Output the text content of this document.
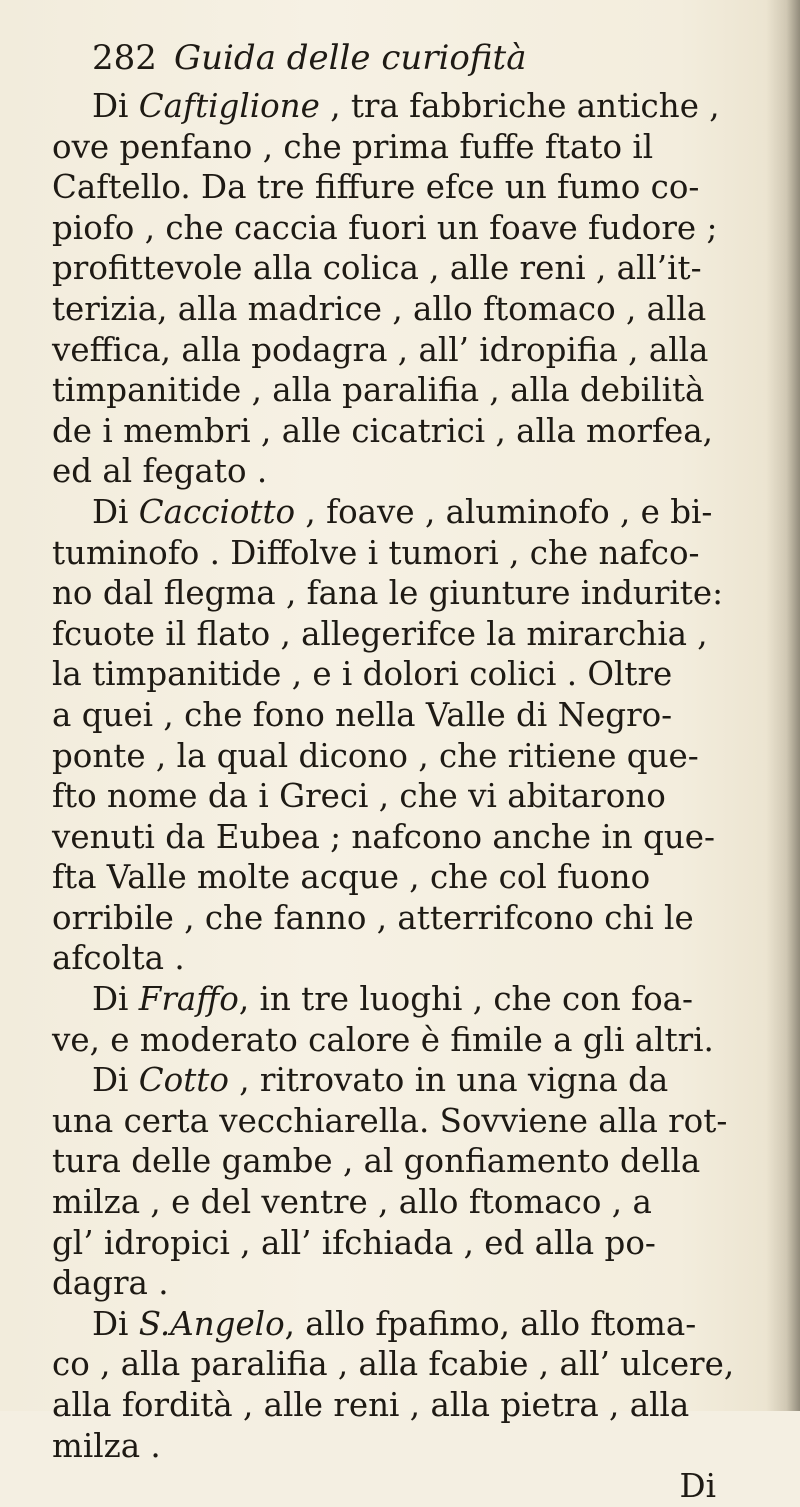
282 Guida delle curiofità
Di Caftiglione , tra fabbriche antiche ,
ove penfano , che prima fuffe ftato il
Caftello. Da tre fiffure efce un fumo co-
piofo , che caccia fuori un foave fudore ;
profittevole alla colica , alle reni , all’it-
terizia, alla madrice , allo ftomaco , alla
veffica, alla podagra , all’ idropifia , alla
timpanitide , alla paralifia , alla debilità
de i membri , alle cicatrici , alla morfea,
ed al fegato .
Di Cacciotto , foave , aluminofo , e bi-
tuminofo . Diffolve i tumori , che nafco-
no dal flegma , fana le giunture indurite:
fcuote il flato , allegerifce la mirarchia ,
la timpanitide , e i dolori colici . Oltre
a quei , che fono nella Valle di Negro-
ponte , la qual dicono , che ritiene que-
fto nome da i Greci , che vi abitarono
venuti da Eubea ; nafcono anche in que-
fta Valle molte acque , che col fuono
orribile , che fanno , atterrifcono chi le
afcolta .
Di Fraffo, in tre luoghi , che con foa-
ve, e moderato calore è fimile a gli altri.
Di Cotto , ritrovato in una vigna da
una certa vecchiarella. Sovviene alla rot-
tura delle gambe , al gonfiamento della
milza , e del ventre , allo ftomaco , a
gl’ idropici , all’ ifchiada , ed alla po-
dagra .
Di S.Angelo, allo fpafimo, allo ftoma-
co , alla paralifia , alla fcabie , all’ ulcere,
alla fordità , alle reni , alla pietra , alla
milza .
Di
